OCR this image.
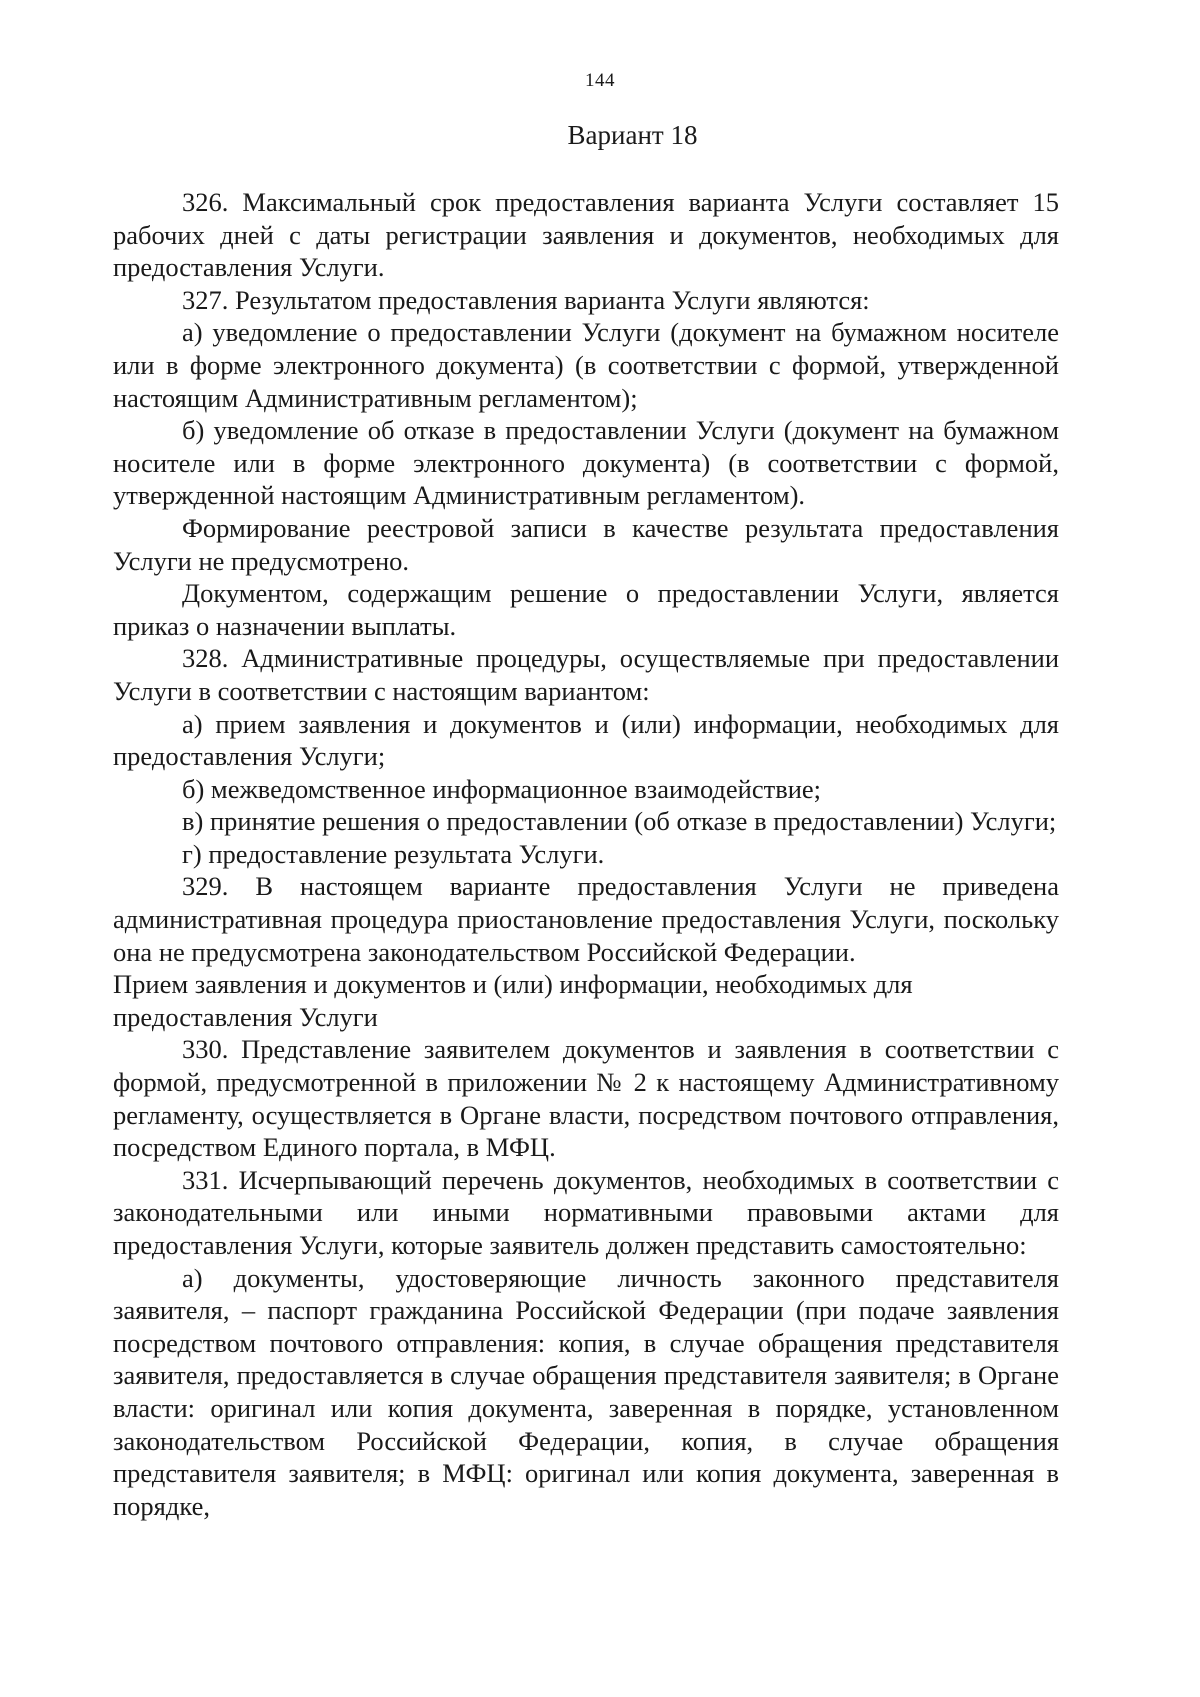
144
Вариант 18

326. Максимальный срок предоставления варианта Услуги составляет 15 рабочих дней с даты регистрации заявления и документов, необходимых для предоставления Услуги.

327. Результатом предоставления варианта Услуги являются:

а) уведомление о предоставлении Услуги (документ на бумажном носителе или в форме электронного документа) (в соответствии с формой, утвержденной настоящим Административным регламентом);

б) уведомление об отказе в предоставлении Услуги (документ на бумажном носителе или в форме электронного документа) (в соответствии с формой, утвержденной настоящим Административным регламентом).

Формирование реестровой записи в качестве результата предоставления Услуги не предусмотрено.

Документом, содержащим решение о предоставлении Услуги, является приказ о назначении выплаты.

328. Административные процедуры, осуществляемые при предоставлении Услуги в соответствии с настоящим вариантом:

а) прием заявления и документов и (или) информации, необходимых для предоставления Услуги;

б) межведомственное информационное взаимодействие;

в) принятие решения о предоставлении (об отказе в предоставлении) Услуги;

г) предоставление результата Услуги.

329. В настоящем варианте предоставления Услуги не приведена административная процедура приостановление предоставления Услуги, поскольку она не предусмотрена законодательством Российской Федерации.

Прием заявления и документов и (или) информации, необходимых для
предоставления Услуги

330. Представление заявителем документов и заявления в соответствии с формой, предусмотренной в приложении № 2 к настоящему Административному регламенту, осуществляется в Органе власти, посредством почтового отправления, посредством Единого портала, в МФЦ.

331. Исчерпывающий перечень документов, необходимых в соответствии с законодательными или иными нормативными правовыми актами для предоставления Услуги, которые заявитель должен представить самостоятельно:

а) документы, удостоверяющие личность законного представителя заявителя, – паспорт гражданина Российской Федерации (при подаче заявления посредством почтового отправления: копия, в случае обращения представителя заявителя, предоставляется в случае обращения представителя заявителя; в Органе власти: оригинал или копия документа, заверенная в порядке, установленном законодательством Российской Федерации, копия, в случае обращения представителя заявителя; в МФЦ: оригинал или копия документа, заверенная в порядке,
